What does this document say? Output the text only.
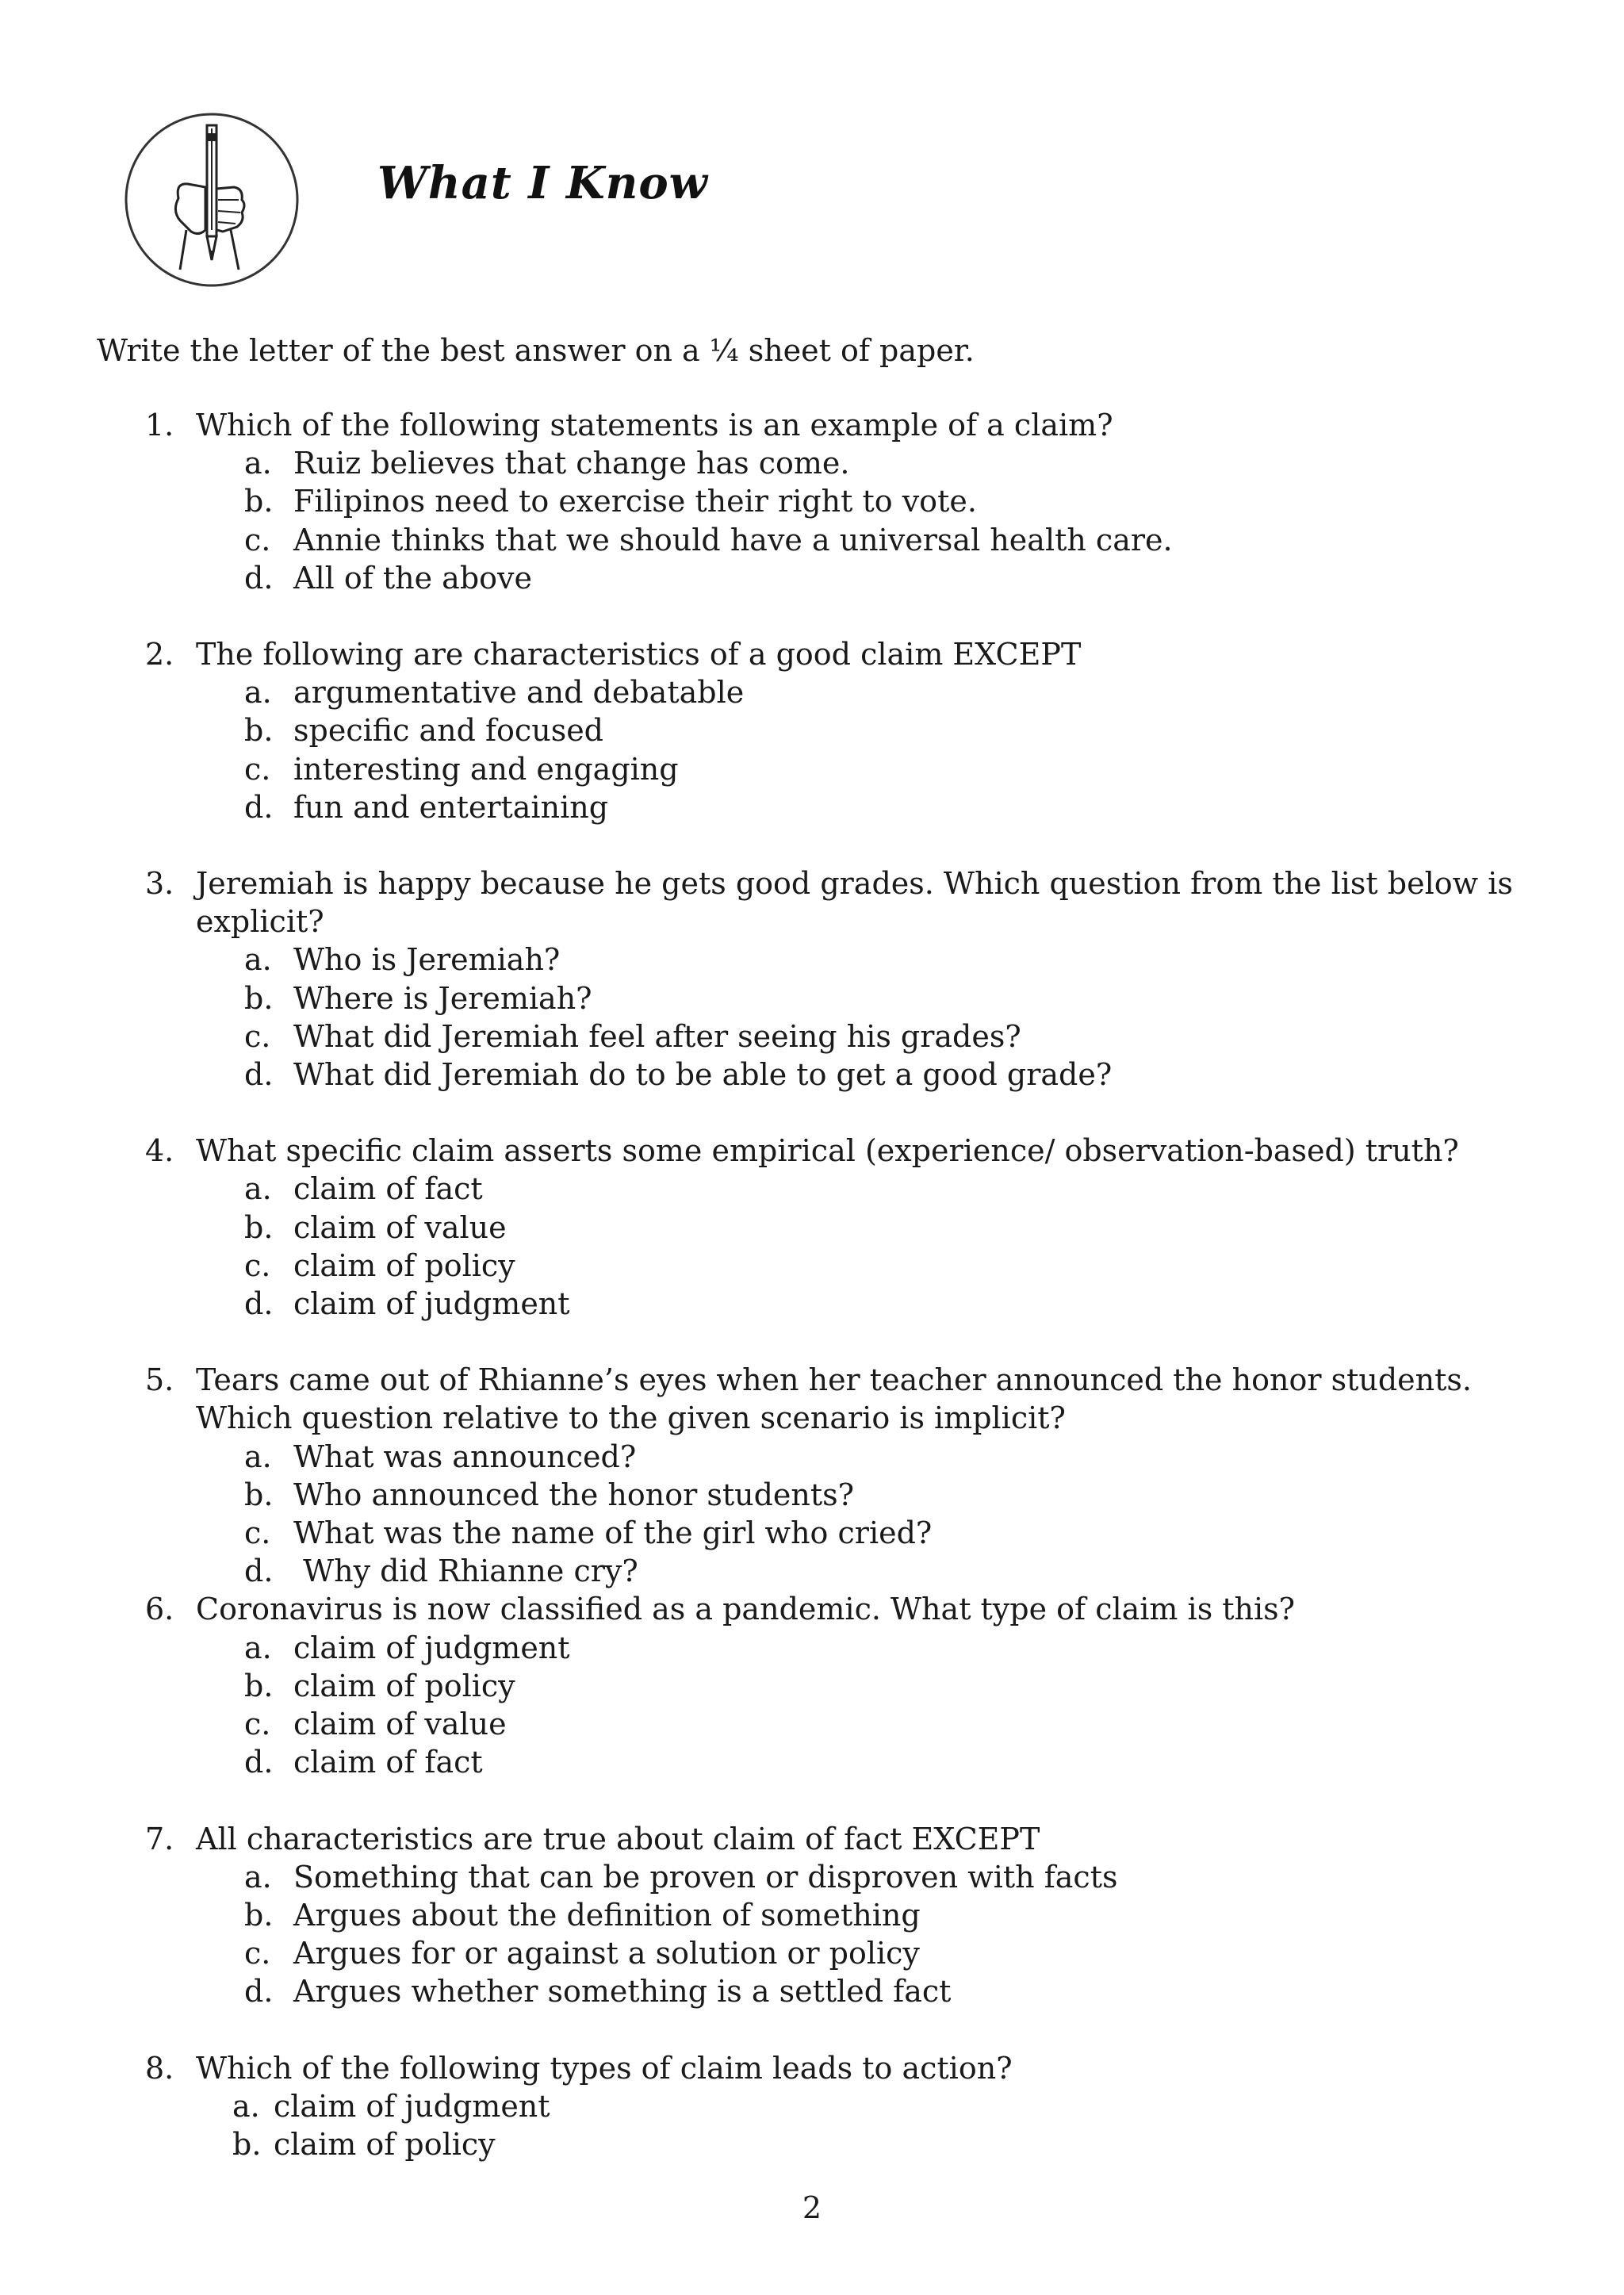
What I Know
Write the letter of the best answer on a ¼ sheet of paper.
1. Which of the following statements is an example of a claim?
a. Ruiz believes that change has come.
b. Filipinos need to exercise their right to vote.
c. Annie thinks that we should have a universal health care.
d. All of the above
2. The following are characteristics of a good claim EXCEPT
a. argumentative and debatable
b. specific and focused
c. interesting and engaging
d. fun and entertaining
3. Jeremiah is happy because he gets good grades. Which question from the list below is explicit?
a. Who is Jeremiah?
b. Where is Jeremiah?
c. What did Jeremiah feel after seeing his grades?
d. What did Jeremiah do to be able to get a good grade?
4. What specific claim asserts some empirical (experience/ observation-based) truth?
a. claim of fact
b. claim of value
c. claim of policy
d. claim of judgment
5. Tears came out of Rhianne’s eyes when her teacher announced the honor students. Which question relative to the given scenario is implicit?
a. What was announced?
b. Who announced the honor students?
c. What was the name of the girl who cried?
d. Why did Rhianne cry?
6. Coronavirus is now classified as a pandemic. What type of claim is this?
a. claim of judgment
b. claim of policy
c. claim of value
d. claim of fact
7. All characteristics are true about claim of fact EXCEPT
a. Something that can be proven or disproven with facts
b. Argues about the definition of something
c. Argues for or against a solution or policy
d. Argues whether something is a settled fact
8. Which of the following types of claim leads to action?
a. claim of judgment
b. claim of policy
2
